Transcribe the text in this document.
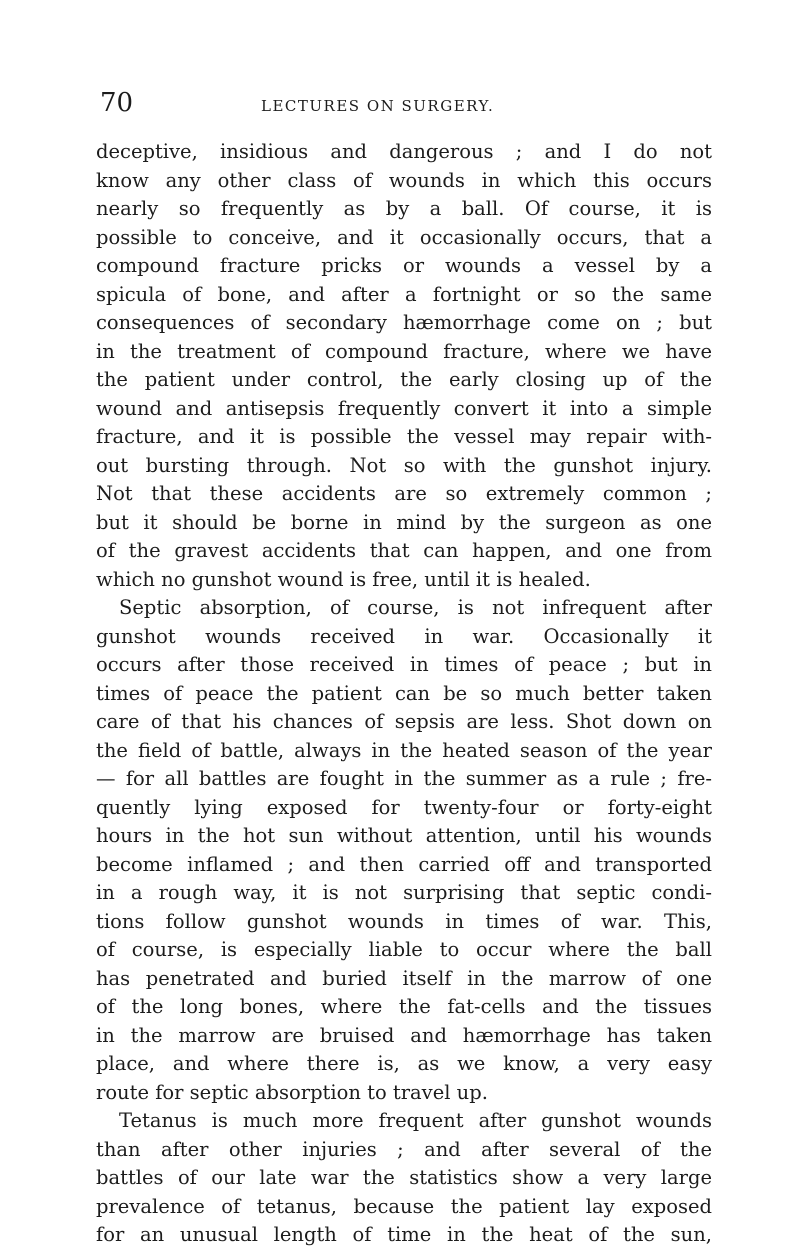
70	LECTURES ON SURGERY.

deceptive, insidious and dangerous ; and I do not
know any other class of wounds in which this occurs
nearly so frequently as by a ball. Of course, it is
possible to conceive, and it occasionally occurs, that a
compound fracture pricks or wounds a vessel by a
spicula of bone, and after a fortnight or so the same
consequences of secondary hæmorrhage come on ; but
in the treatment of compound fracture, where we have
the patient under control, the early closing up of the
wound and antisepsis frequently convert it into a simple
fracture, and it is possible the vessel may repair with-
out bursting through. Not so with the gunshot injury.
Not that these accidents are so extremely common ;
but it should be borne in mind by the surgeon as one
of the gravest accidents that can happen, and one from
which no gunshot wound is free, until it is healed.

Septic absorption, of course, is not infrequent after
gunshot wounds received in war. Occasionally it
occurs after those received in times of peace ; but in
times of peace the patient can be so much better taken
care of that his chances of sepsis are less. Shot down on
the field of battle, always in the heated season of the year
— for all battles are fought in the summer as a rule ; fre-
quently lying exposed for twenty-four or forty-eight
hours in the hot sun without attention, until his wounds
become inflamed ; and then carried off and transported
in a rough way, it is not surprising that septic condi-
tions follow gunshot wounds in times of war. This,
of course, is especially liable to occur where the ball
has penetrated and buried itself in the marrow of one
of the long bones, where the fat-cells and the tissues
in the marrow are bruised and hæmorrhage has taken
place, and where there is, as we know, a very easy
route for septic absorption to travel up.

Tetanus is much more frequent after gunshot wounds
than after other injuries ; and after several of the
battles of our late war the statistics show a very large
prevalence of tetanus, because the patient lay exposed
for an unusual length of time in the heat of the sun,
